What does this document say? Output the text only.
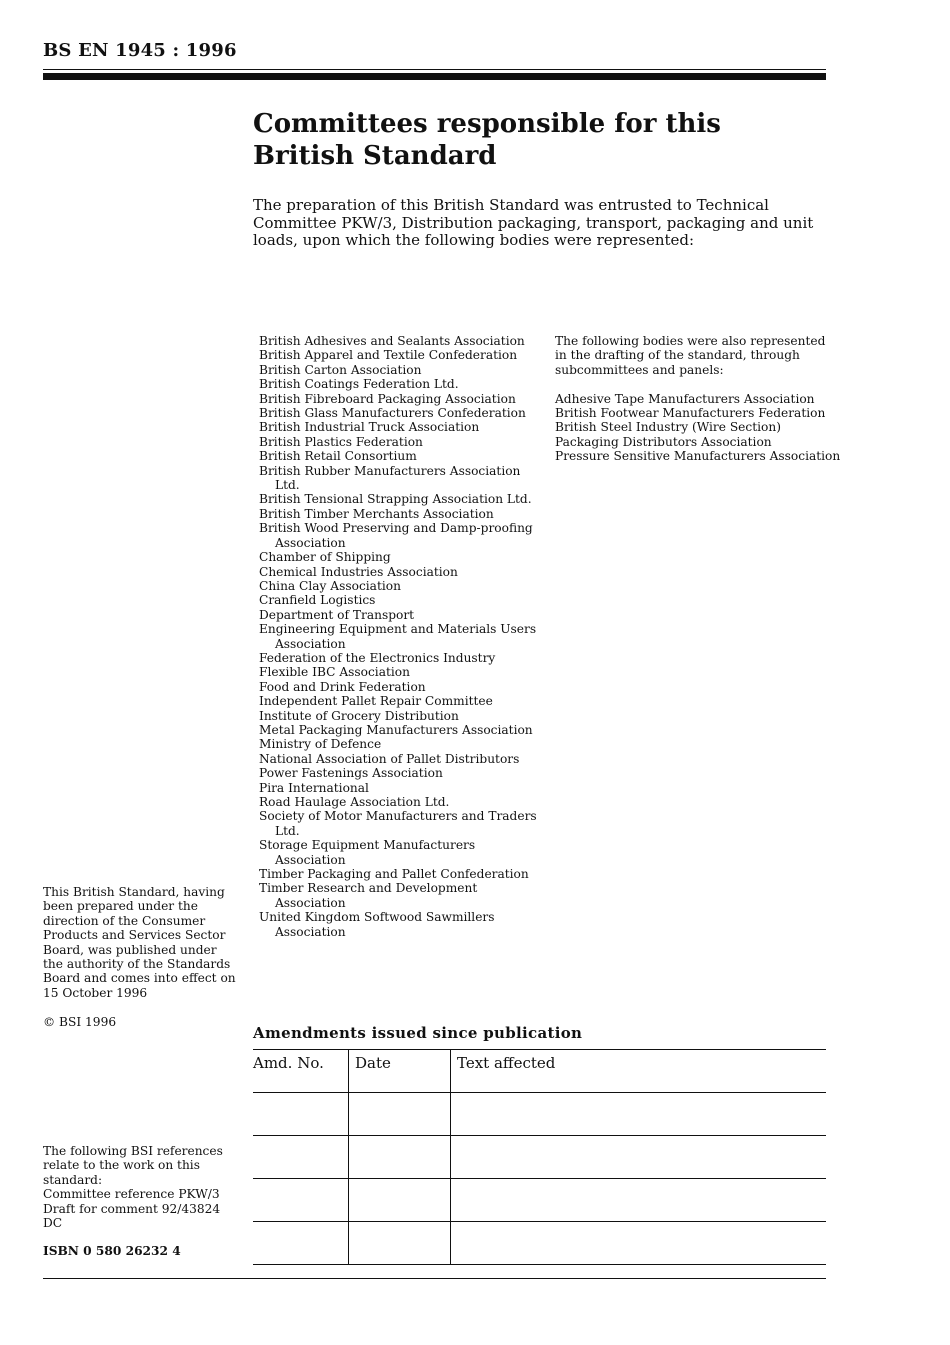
BS EN 1945 : 1996
Committees responsible for this
British Standard

The preparation of this British Standard was entrusted to Technical Committee PKW/3, Distribution packaging, transport, packaging and unit loads, upon which the following bodies were represented:

British Adhesives and Sealants Association
British Apparel and Textile Confederation
British Carton Association
British Coatings Federation Ltd.
British Fibreboard Packaging Association
British Glass Manufacturers Confederation
British Industrial Truck Association
British Plastics Federation
British Retail Consortium
British Rubber Manufacturers Association Ltd.
British Tensional Strapping Association Ltd.
British Timber Merchants Association
British Wood Preserving and Damp-proofing Association
Chamber of Shipping
Chemical Industries Association
China Clay Association
Cranfield Logistics
Department of Transport
Engineering Equipment and Materials Users Association
Federation of the Electronics Industry
Flexible IBC Association
Food and Drink Federation
Independent Pallet Repair Committee
Institute of Grocery Distribution
Metal Packaging Manufacturers Association
Ministry of Defence
National Association of Pallet Distributors
Power Fastenings Association
Pira International
Road Haulage Association Ltd.
Society of Motor Manufacturers and Traders Ltd.
Storage Equipment Manufacturers Association
Timber Packaging and Pallet Confederation
Timber Research and Development Association
United Kingdom Softwood Sawmillers Association

The following bodies were also represented in the drafting of the standard, through subcommittees and panels:

Adhesive Tape Manufacturers Association
British Footwear Manufacturers Federation
British Steel Industry (Wire Section)
Packaging Distributors Association
Pressure Sensitive Manufacturers Association

This British Standard, having been prepared under the direction of the Consumer Products and Services Sector Board, was published under the authority of the Standards Board and comes into effect on
15 October 1996

© BSI 1996

The following BSI references relate to the work on this standard:
Committee reference PKW/3
Draft for comment 92/43824 DC

ISBN 0 580 26232 4
Amendments issued since publication
Amd. No.	Date	Text affected
